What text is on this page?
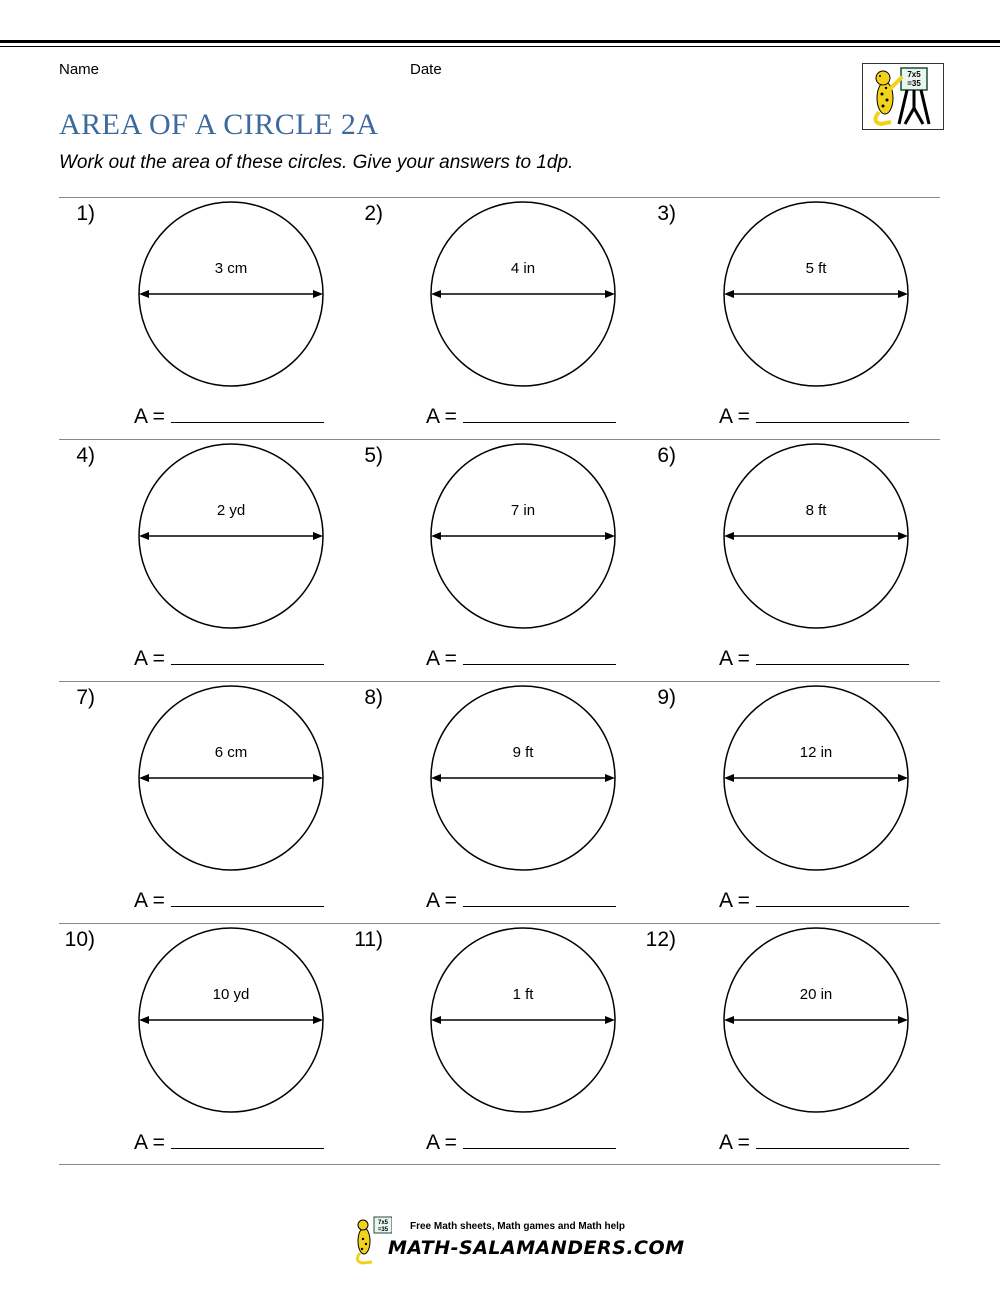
Name	Date	7x5
=35
AREA OF A CIRCLE 2A
Work out the area of these circles. Give your answers to 1dp.
1)
3 cm
A =
2)
4 in
A =
3)
5 ft
A =
4)
2 yd
A =
5)
7 in
A =
6)
8 ft
A =
7)
6 cm
A =
8)
9 ft
A =
9)
12 in
A =
10)
10 yd
A =
11)
1 ft
A =
12)
20 in
A =
7x5
=35 Free Math sheets, Math games and Math help
MATH-SALAMANDERS.COM
